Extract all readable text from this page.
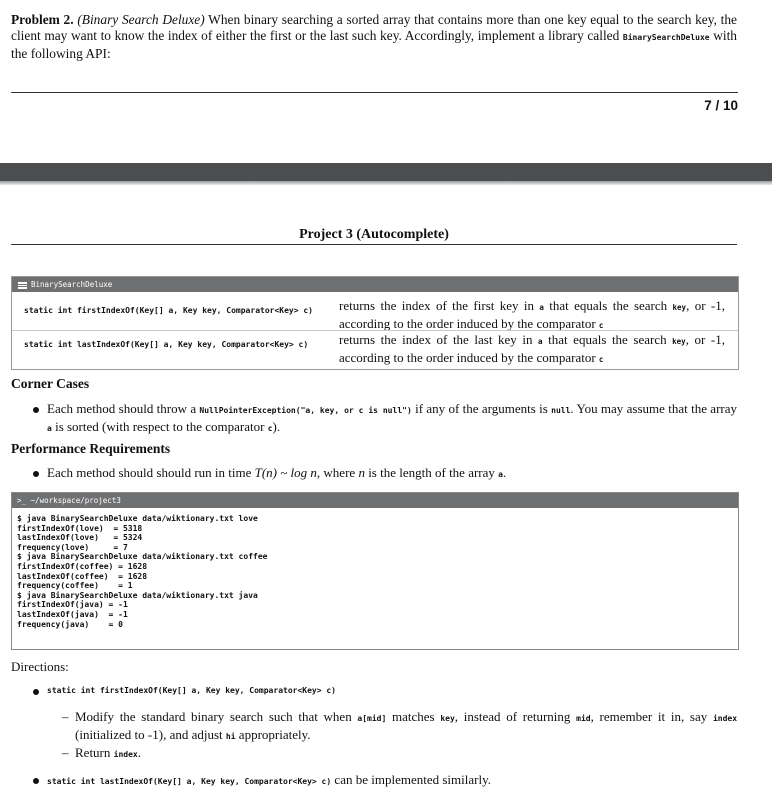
Problem 2. (Binary Search Deluxe) When binary searching a sorted array that contains more than one key equal to the search key, the client may want to know the index of either the first or the last such key. Accordingly, implement a library called BinarySearchDeluxe with the following API:
7 / 10
Project 3 (Autocomplete)
BinarySearchDeluxe
static int firstIndexOf(Key[] a, Key key, Comparator<Key> c) returns the index of the first key in a that equals the search key, or -1, according to the order induced by the comparator c
static int lastIndexOf(Key[] a, Key key, Comparator<Key> c) returns the index of the last key in a that equals the search key, or -1, according to the order induced by the comparator c
Corner Cases
Each method should throw a NullPointerException("a, key, or c is null") if any of the arguments is null. You may assume that the array a is sorted (with respect to the comparator c).
Performance Requirements
Each method should should run in time T(n) ~ log n, where n is the length of the array a.
>_ ~/workspace/project3
$ java BinarySearchDeluxe data/wiktionary.txt love
firstIndexOf(love)  = 5318
lastIndexOf(love)   = 5324
frequency(love)     = 7
$ java BinarySearchDeluxe data/wiktionary.txt coffee
firstIndexOf(coffee) = 1628
lastIndexOf(coffee)  = 1628
frequency(coffee)    = 1
$ java BinarySearchDeluxe data/wiktionary.txt java
firstIndexOf(java) = -1
lastIndexOf(java)  = -1
frequency(java)    = 0
Directions:
static int firstIndexOf(Key[] a, Key key, Comparator<Key> c)
– Modify the standard binary search such that when a[mid] matches key, instead of returning mid, remember it in, say index (initialized to -1), and adjust hi appropriately.
– Return index.
static int lastIndexOf(Key[] a, Key key, Comparator<Key> c) can be implemented similarly.
